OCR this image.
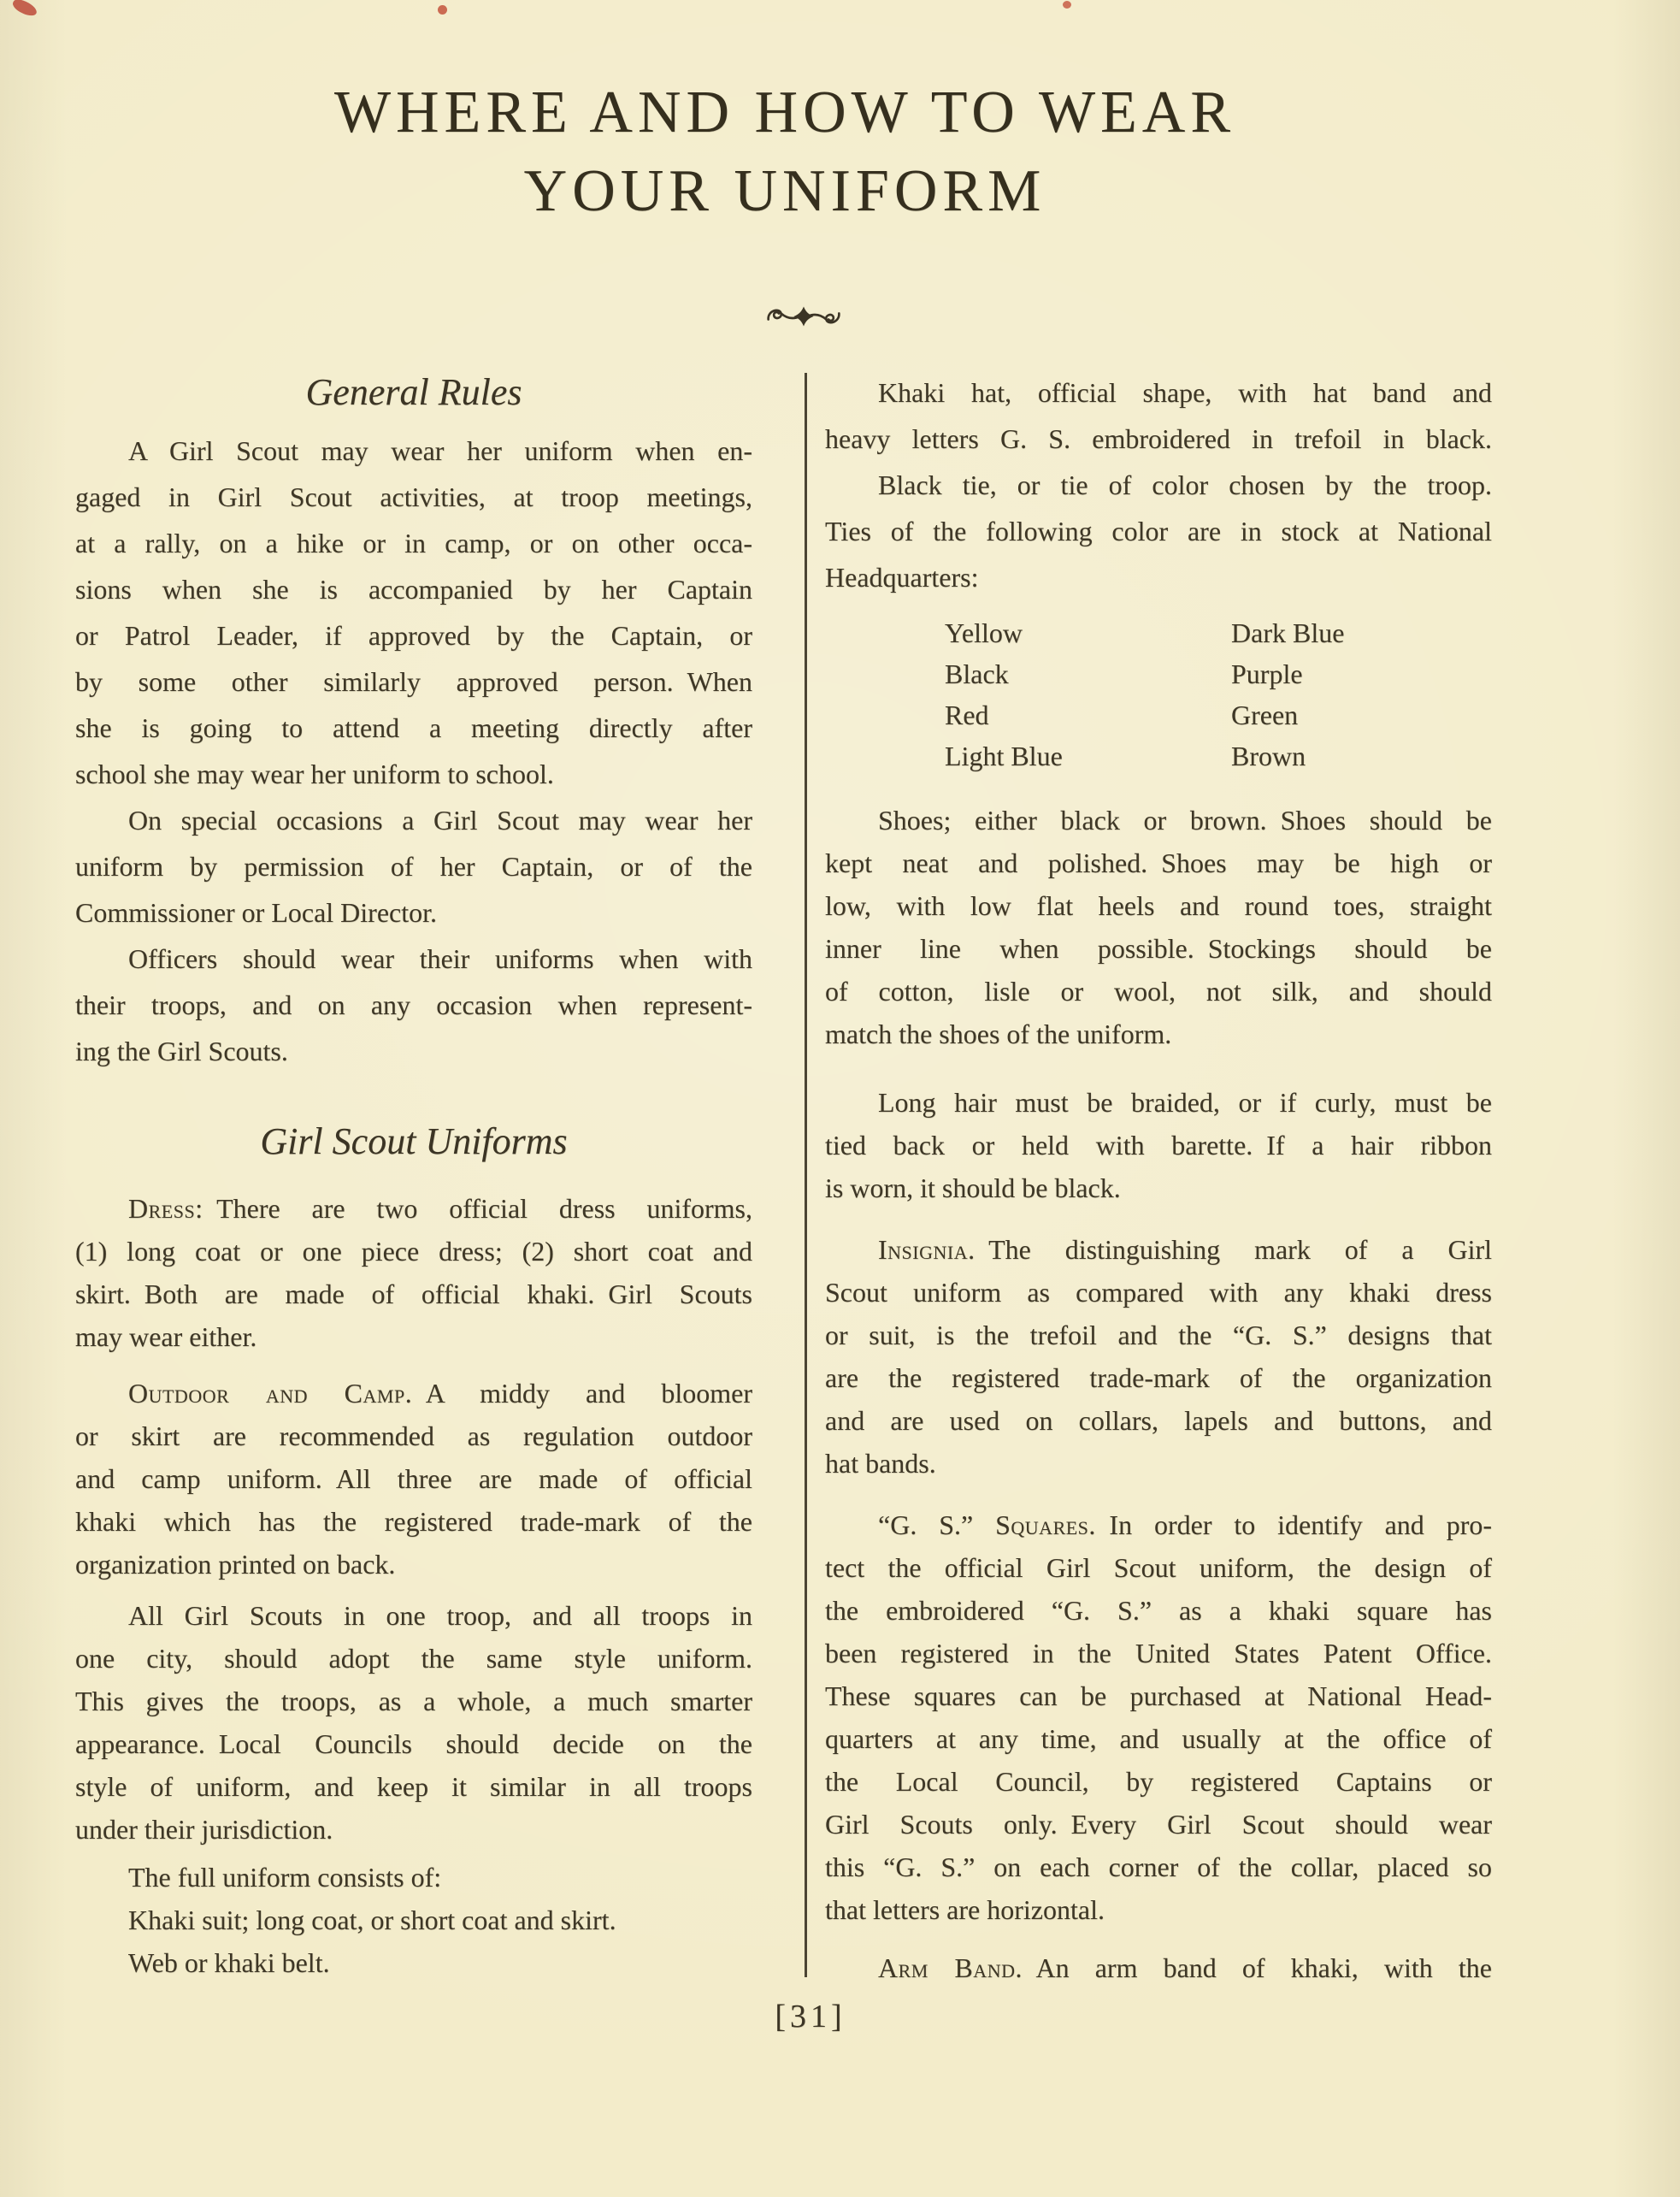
WHERE AND HOW TO WEAR
YOUR UNIFORM
General Rules
A Girl Scout may wear her uniform when en-
gaged in Girl Scout activities, at troop meetings,
at a rally, on a hike or in camp, or on other occa-
sions when she is accompanied by her Captain
or Patrol Leader, if approved by the Captain, or
by some other similarly approved person. When
she is going to attend a meeting directly after
school she may wear her uniform to school.
On special occasions a Girl Scout may wear her
uniform by permission of her Captain, or of the
Commissioner or Local Director.
Officers should wear their uniforms when with
their troops, and on any occasion when represent-
ing the Girl Scouts.
Girl Scout Uniforms
Dress: There are two official dress uniforms,
(1) long coat or one piece dress; (2) short coat and
skirt. Both are made of official khaki. Girl Scouts
may wear either.
Outdoor and Camp. A middy and bloomer
or skirt are recommended as regulation outdoor
and camp uniform. All three are made of official
khaki which has the registered trade-mark of the
organization printed on back.
All Girl Scouts in one troop, and all troops in
one city, should adopt the same style uniform.
This gives the troops, as a whole, a much smarter
appearance. Local Councils should decide on the
style of uniform, and keep it similar in all troops
under their jurisdiction.
The full uniform consists of:
Khaki suit; long coat, or short coat and skirt.
Web or khaki belt.
Khaki hat, official shape, with hat band and
heavy letters G. S. embroidered in trefoil in black.
Black tie, or tie of color chosen by the troop.
Ties of the following color are in stock at National
Headquarters:
Yellow	Dark Blue
Black	Purple
Red	Green
Light Blue	Brown
Shoes; either black or brown. Shoes should be
kept neat and polished. Shoes may be high or
low, with low flat heels and round toes, straight
inner line when possible. Stockings should be
of cotton, lisle or wool, not silk, and should
match the shoes of the uniform.
Long hair must be braided, or if curly, must be
tied back or held with barette. If a hair ribbon
is worn, it should be black.
Insignia. The distinguishing mark of a Girl
Scout uniform as compared with any khaki dress
or suit, is the trefoil and the “G. S.” designs that
are the registered trade-mark of the organization
and are used on collars, lapels and buttons, and
hat bands.
“G. S.” Squares. In order to identify and pro-
tect the official Girl Scout uniform, the design of
the embroidered “G. S.” as a khaki square has
been registered in the United States Patent Office.
These squares can be purchased at National Head-
quarters at any time, and usually at the office of
the Local Council, by registered Captains or
Girl Scouts only. Every Girl Scout should wear
this “G. S.” on each corner of the collar, placed so
that letters are horizontal.
Arm Band. An arm band of khaki, with the
[31]
